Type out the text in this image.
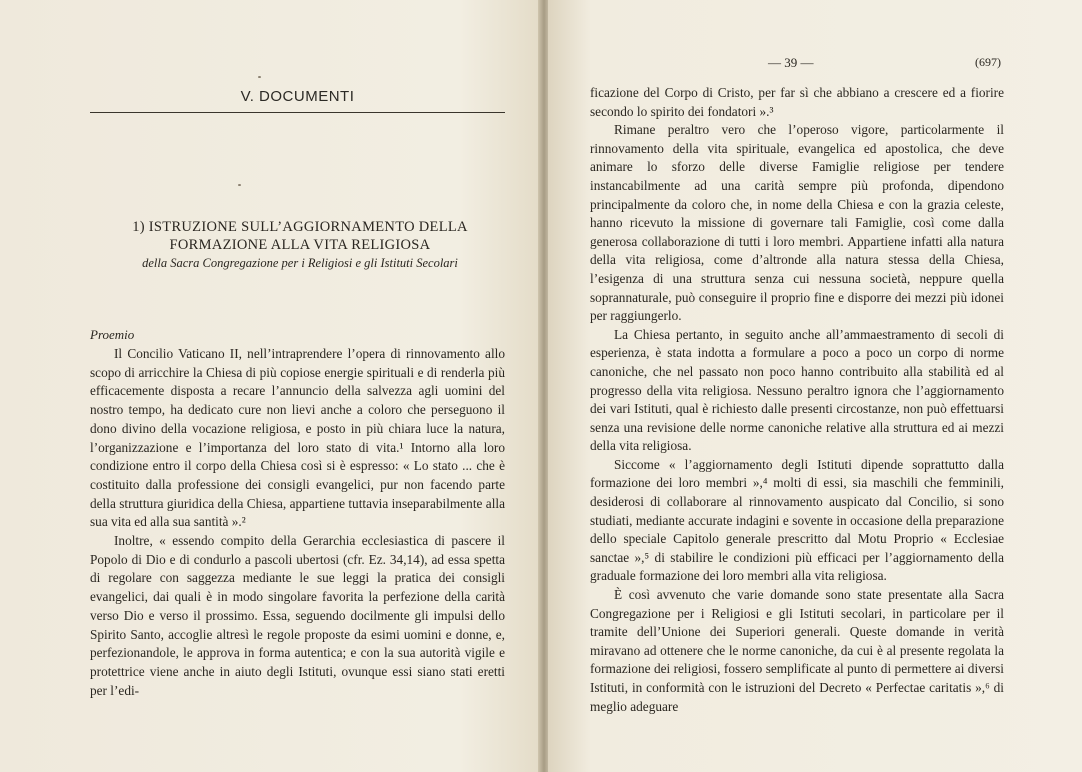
V. DOCUMENTI
1) ISTRUZIONE SULL’AGGIORNAMENTO DELLA FORMAZIONE ALLA VITA RELIGIOSA
della Sacra Congregazione per i Religiosi e gli Istituti Secolari
Proemio

Il Concilio Vaticano II, nell’intraprendere l’opera di rinnovamento allo scopo di arricchire la Chiesa di più copiose energie spirituali e di renderla più efficacemente disposta a recare l’annuncio della salvezza agli uomini del nostro tempo, ha dedicato cure non lievi anche a coloro che perseguono il dono divino della vocazione religiosa, e posto in più chiara luce la natura, l’organizzazione e l’importanza del loro stato di vita.¹ Intorno alla loro condizione entro il corpo della Chiesa così si è espresso: « Lo stato ... che è costituito dalla professione dei consigli evangelici, pur non facendo parte della struttura giuridica della Chiesa, appartiene tuttavia inseparabilmente alla sua vita ed alla sua santità ».²

Inoltre, « essendo compito della Gerarchia ecclesiastica di pascere il Popolo di Dio e di condurlo a pascoli ubertosi (cfr. Ez. 34,14), ad essa spetta di regolare con saggezza mediante le sue leggi la pratica dei consigli evangelici, dai quali è in modo singolare favorita la perfezione della carità verso Dio e verso il prossimo. Essa, seguendo docilmente gli impulsi dello Spirito Santo, accoglie altresì le regole proposte da esimi uomini e donne, e, perfezionandole, le approva in forma autentica; e con la sua autorità vigile e protettrice viene anche in aiuto degli Istituti, ovunque essi siano stati eretti per l’edi-

— 39 —	(697)

ficazione del Corpo di Cristo, per far sì che abbiano a crescere ed a fiorire secondo lo spirito dei fondatori ».³

Rimane peraltro vero che l’operoso vigore, particolarmente il rinnovamento della vita spirituale, evangelica ed apostolica, che deve animare lo sforzo delle diverse Famiglie religiose per tendere instancabilmente ad una carità sempre più profonda, dipendono principalmente da coloro che, in nome della Chiesa e con la grazia celeste, hanno ricevuto la missione di governare tali Famiglie, così come dalla generosa collaborazione di tutti i loro membri. Appartiene infatti alla natura della vita religiosa, come d’altronde alla natura stessa della Chiesa, l’esigenza di una struttura senza cui nessuna società, neppure quella soprannaturale, può conseguire il proprio fine e disporre dei mezzi più idonei per raggiungerlo.

La Chiesa pertanto, in seguito anche all’ammaestramento di secoli di esperienza, è stata indotta a formulare a poco a poco un corpo di norme canoniche, che nel passato non poco hanno contribuito alla stabilità ed al progresso della vita religiosa. Nessuno peraltro ignora che l’aggiornamento dei vari Istituti, qual è richiesto dalle presenti circostanze, non può effettuarsi senza una revisione delle norme canoniche relative alla struttura ed ai mezzi della vita religiosa.

Siccome « l’aggiornamento degli Istituti dipende soprattutto dalla formazione dei loro membri »,⁴ molti di essi, sia maschili che femminili, desiderosi di collaborare al rinnovamento auspicato dal Concilio, si sono studiati, mediante accurate indagini e sovente in occasione della preparazione dello speciale Capitolo generale prescritto dal Motu Proprio « Ecclesiae sanctae »,⁵ di stabilire le condizioni più efficaci per l’aggiornamento della graduale formazione dei loro membri alla vita religiosa.

È così avvenuto che varie domande sono state presentate alla Sacra Congregazione per i Religiosi e gli Istituti secolari, in particolare per il tramite dell’Unione dei Superiori generali. Queste domande in verità miravano ad ottenere che le norme canoniche, da cui è al presente regolata la formazione dei religiosi, fossero semplificate al punto di permettere ai diversi Istituti, in conformità con le istruzioni del Decreto « Perfectae caritatis »,⁶ di meglio adeguare
